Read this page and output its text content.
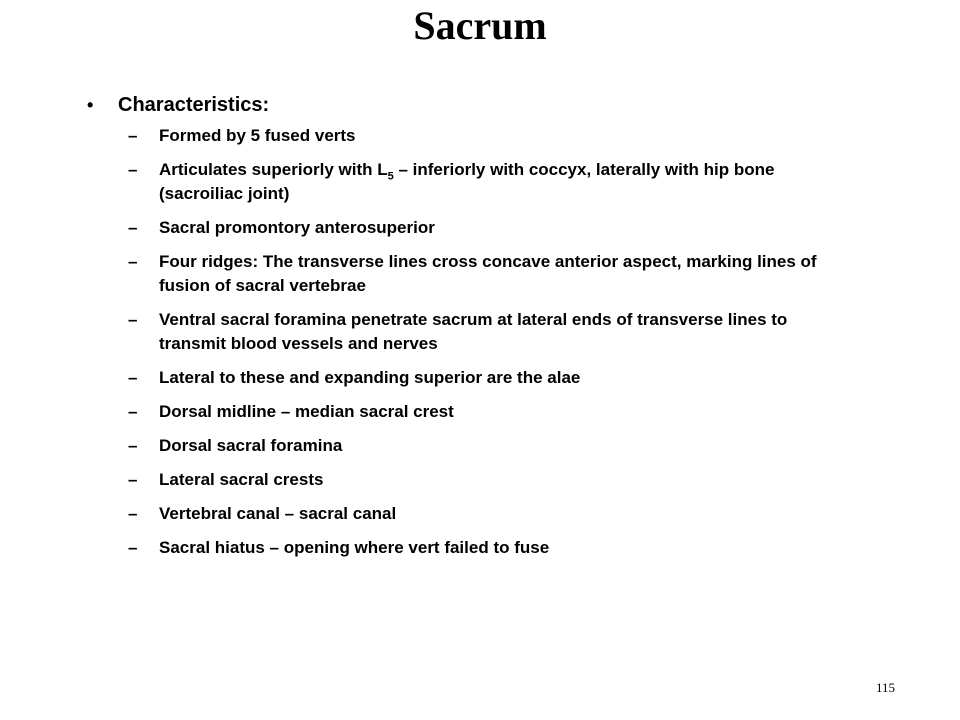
Sacrum
• Characteristics:
– Formed by 5 fused verts
– Articulates superiorly with $L_5$ – inferiorly with coccyx, laterally with hip bone (sacroiliac joint)
– Sacral promontory anterosuperior
– Four ridges: The transverse lines cross concave anterior aspect, marking lines of fusion of sacral vertebrae
– Ventral sacral foramina penetrate sacrum at lateral ends of transverse lines to transmit blood vessels and nerves
– Lateral to these and expanding superior are the alae
– Dorsal midline – median sacral crest
– Dorsal sacral foramina
– Lateral sacral crests
– Vertebral canal – sacral canal
– Sacral hiatus – opening where vert failed to fuse
115
